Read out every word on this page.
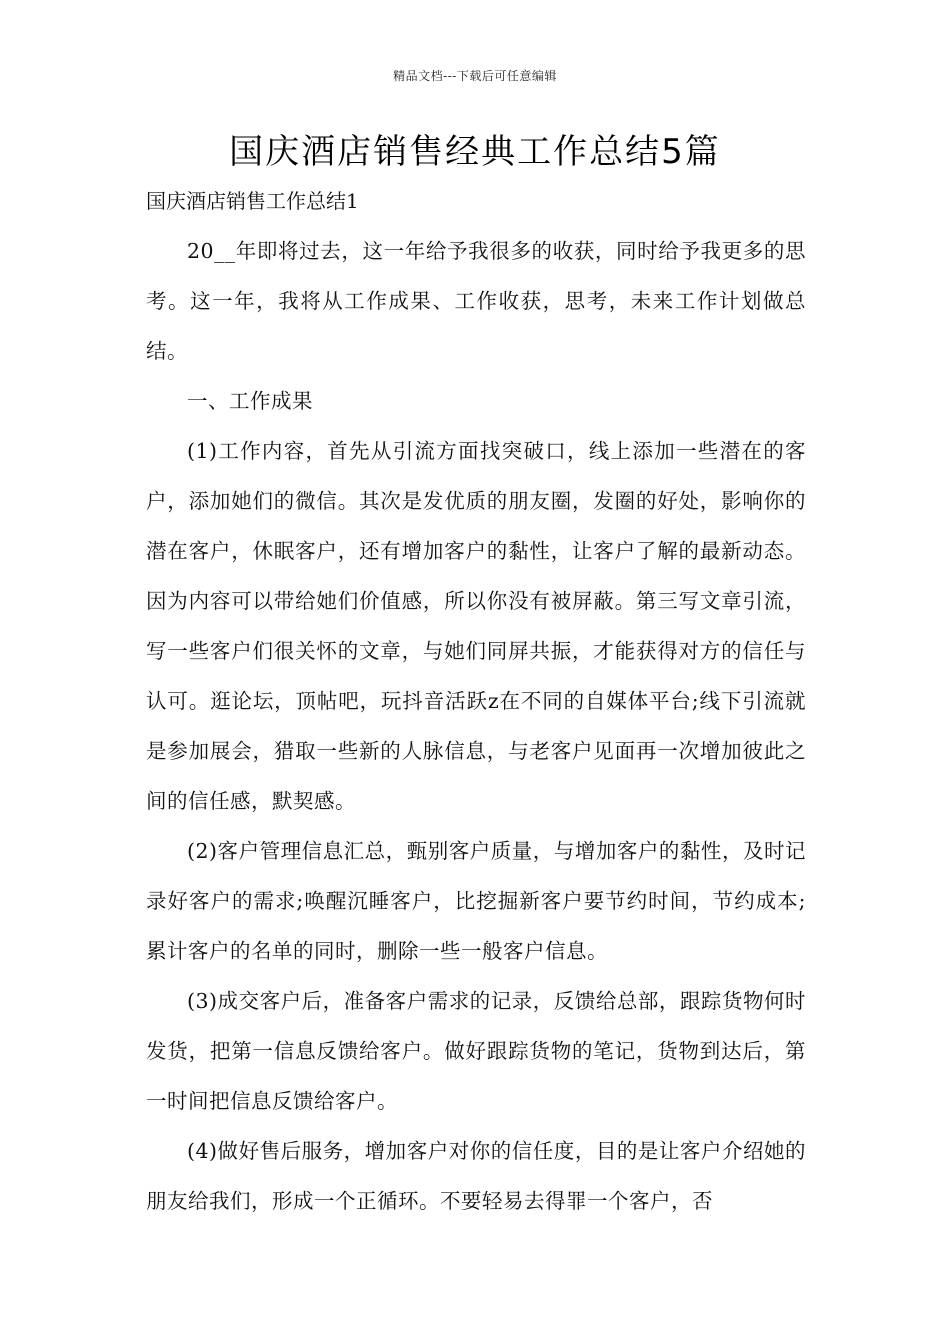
精品文档---下载后可任意编辑
国庆酒店销售经典工作总结5篇
国庆酒店销售工作总结1

20__年即将过去，这一年给予我很多的收获，同时给予我更多的思考。这一年，我将从工作成果、工作收获，思考，未来工作计划做总结。

一、工作成果

(1)工作内容，首先从引流方面找突破口，线上添加一些潜在的客户，添加她们的微信。其次是发优质的朋友圈，发圈的好处，影响你的潜在客户，休眠客户，还有增加客户的黏性，让客户了解的最新动态。因为内容可以带给她们价值感，所以你没有被屏蔽。第三写文章引流，写一些客户们很关怀的文章，与她们同屏共振，才能获得对方的信任与认可。逛论坛，顶帖吧，玩抖音活跃z在不同的自媒体平台;线下引流就是参加展会，猎取一些新的人脉信息，与老客户见面再一次增加彼此之间的信任感，默契感。

(2)客户管理信息汇总，甄别客户质量，与增加客户的黏性，及时记录好客户的需求;唤醒沉睡客户，比挖掘新客户要节约时间，节约成本;累计客户的名单的同时，删除一些一般客户信息。

(3)成交客户后，准备客户需求的记录，反馈给总部，跟踪货物何时发货，把第一信息反馈给客户。做好跟踪货物的笔记，货物到达后，第一时间把信息反馈给客户。

(4)做好售后服务，增加客户对你的信任度，目的是让客户介绍她的朋友给我们，形成一个正循环。不要轻易去得罪一个客户，否
